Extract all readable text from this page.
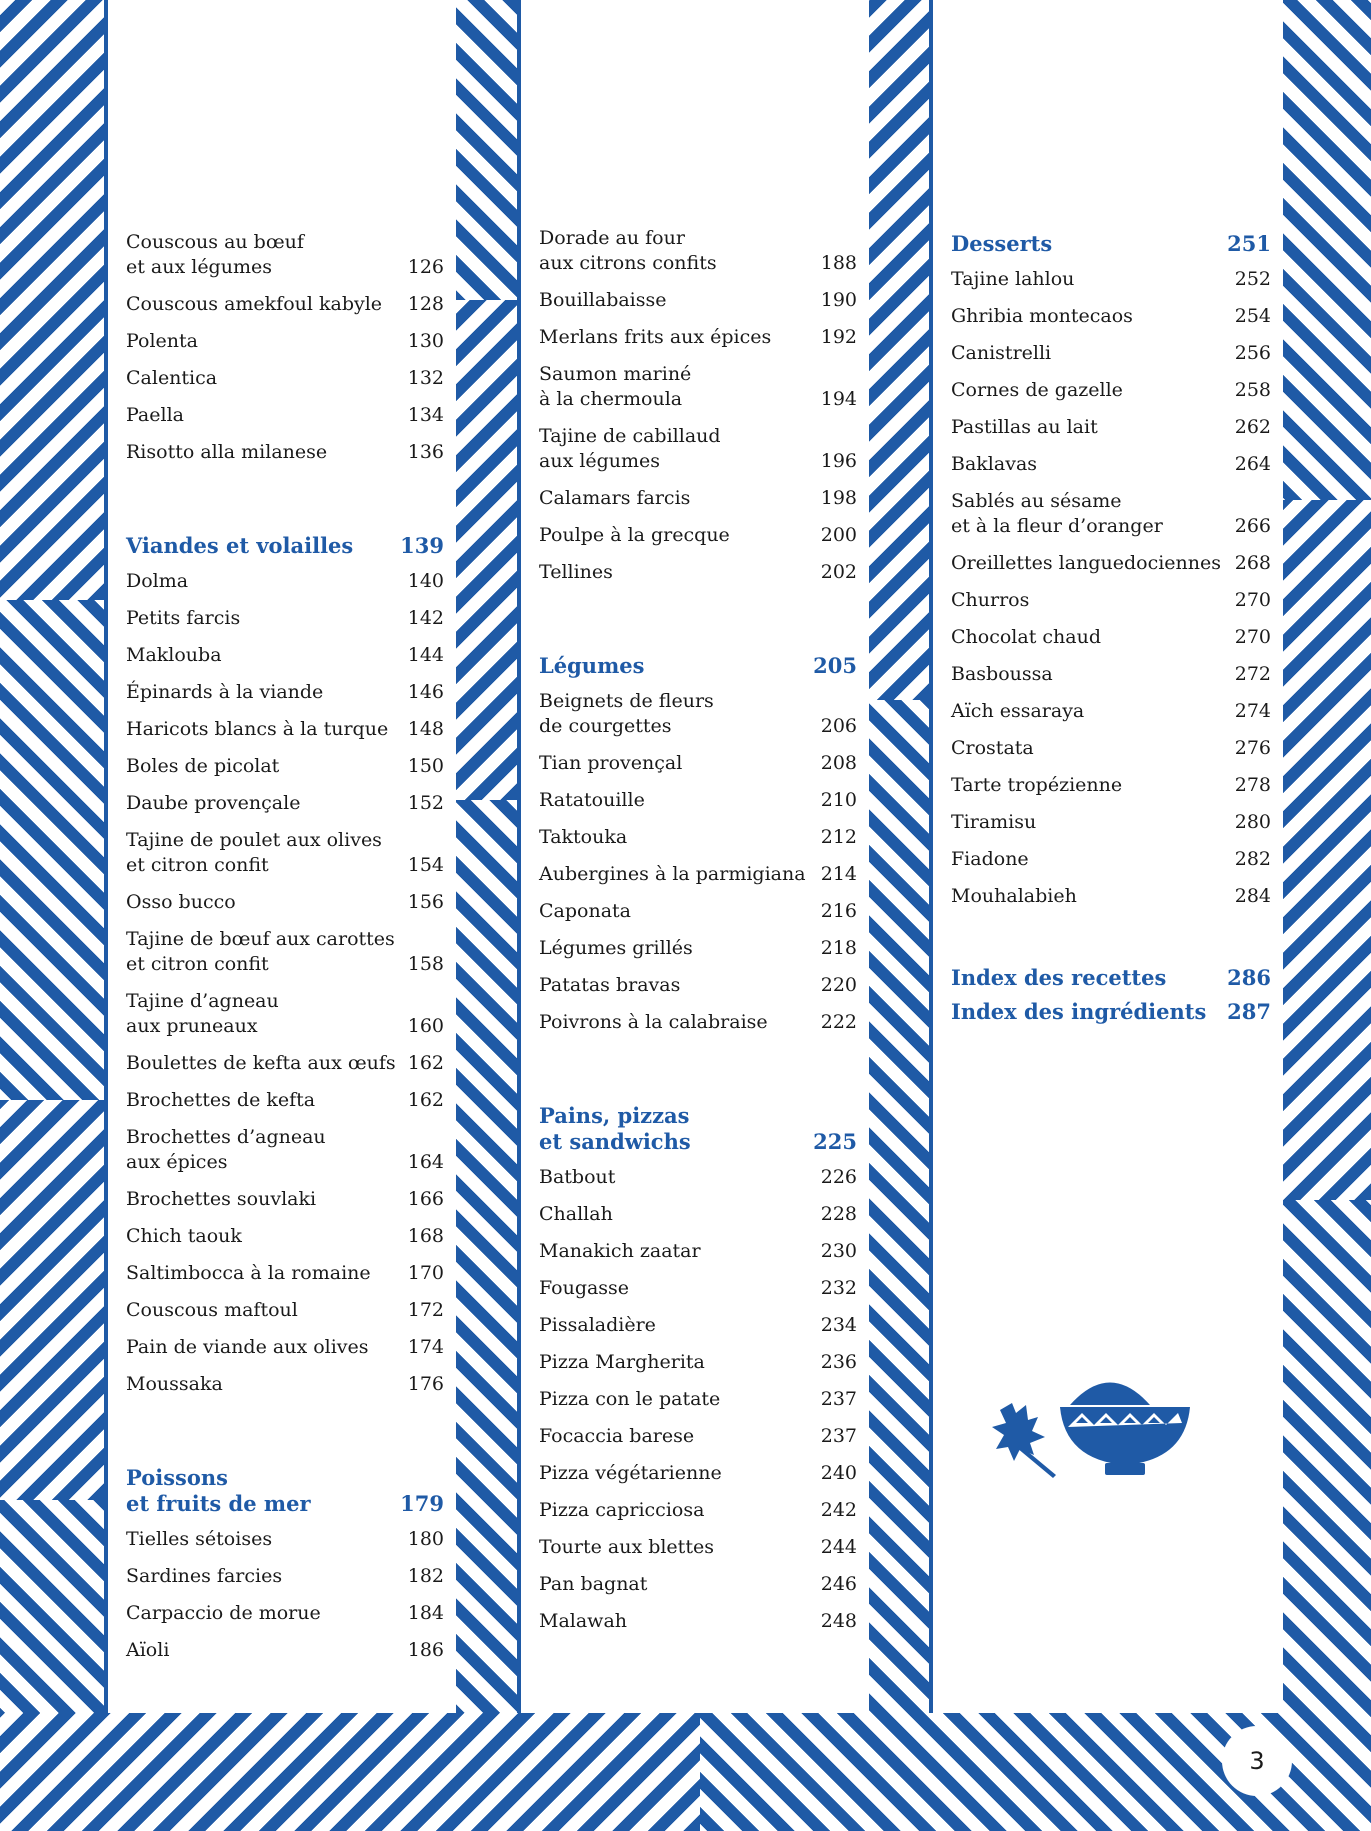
Couscous au bœuf
et aux légumes	126
Couscous amekfoul kabyle 128
Polenta	130
Calentica	132
Paella	134
Risotto alla milanese	136
Viandes et volailles 139
Dolma	140
Petits farcis	142
Maklouba	144
Épinards à la viande	146
Haricots blancs à la turque 148
Boles de picolat	150
Daube provençale	152
Tajine de poulet aux olives
et citron confit	154
Osso bucco	156
Tajine de bœuf aux carottes
et citron confit	158
Tajine d’agneau
aux pruneaux	160
Boulettes de kefta aux œufs 162
Brochettes de kefta	162
Brochettes d’agneau
aux épices	164
Brochettes souvlaki	166
Chich taouk	168
Saltimbocca à la romaine 170
Couscous maftoul	172
Pain de viande aux olives 174
Moussaka	176
Poissons
et fruits de mer	179
Tielles sétoises	180
Sardines farcies	182
Carpaccio de morue	184
Aïoli	186
Dorade au four
aux citrons confits	188
Bouillabaisse	190
Merlans frits aux épices	192
Saumon mariné
à la chermoula	194
Tajine de cabillaud
aux légumes	196
Calamars farcis	198
Poulpe à la grecque	200
Tellines	202
Légumes	205
Beignets de fleurs
de courgettes	206
Tian provençal	208
Ratatouille	210
Taktouka	212
Aubergines à la parmigiana 214
Caponata	216
Légumes grillés	218
Patatas bravas	220
Poivrons à la calabraise	222
Pains, pizzas
et sandwichs	225
Batbout	226
Challah	228
Manakich zaatar	230
Fougasse	232
Pissaladière	234
Pizza Margherita	236
Pizza con le patate	237
Focaccia barese	237
Pizza végétarienne	240
Pizza capricciosa	242
Tourte aux blettes	244
Pan bagnat	246
Malawah	248
Desserts	251
Tajine lahlou	252
Ghribia montecaos	254
Canistrelli	256
Cornes de gazelle	258
Pastillas au lait	262
Baklavas	264
Sablés au sésame
et à la fleur d’oranger	266
Oreillettes languedociennes 268
Churros	270
Chocolat chaud	270
Basboussa	272
Aïch essaraya	274
Crostata	276
Tarte tropézienne	278
Tiramisu	280
Fiadone	282
Mouhalabieh	284
Index des recettes	286
Index des ingrédients 287
3
